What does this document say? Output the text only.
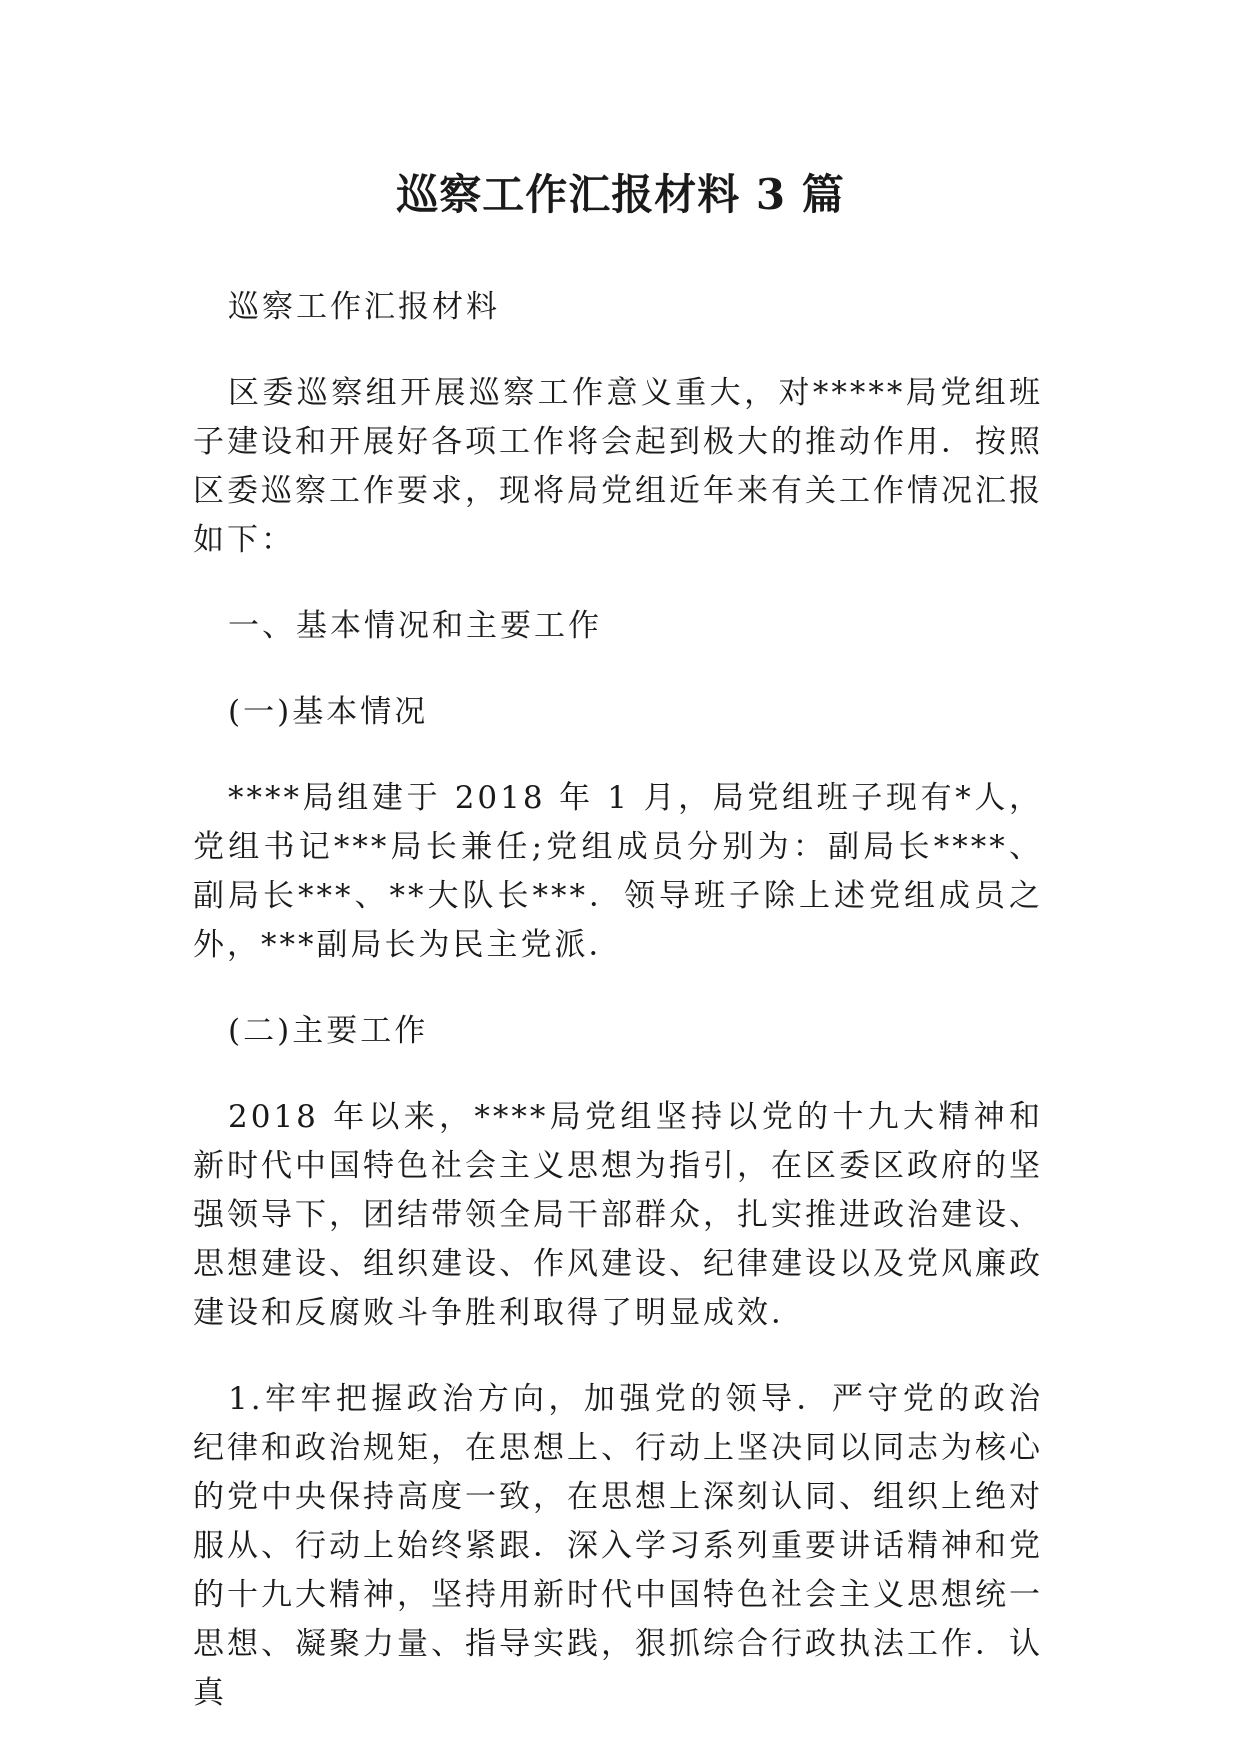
巡察工作汇报材料 3 篇

巡察工作汇报材料

区委巡察组开展巡察工作意义重大，对*****局党组班子建设和开展好各项工作将会起到极大的推动作用．按照区委巡察工作要求，现将局党组近年来有关工作情况汇报如下：

一、基本情况和主要工作

(一)基本情况

****局组建于 2018 年 1 月，局党组班子现有*人，党组书记***局长兼任;党组成员分别为：副局长****、副局长***、**大队长***．领导班子除上述党组成员之外，***副局长为民主党派．

(二)主要工作

2018 年以来，****局党组坚持以党的十九大精神和新时代中国特色社会主义思想为指引，在区委区政府的坚强领导下，团结带领全局干部群众，扎实推进政治建设、思想建设、组织建设、作风建设、纪律建设以及党风廉政建设和反腐败斗争胜利取得了明显成效．

1.牢牢把握政治方向，加强党的领导．严守党的政治纪律和政治规矩，在思想上、行动上坚决同以同志为核心的党中央保持高度一致，在思想上深刻认同、组织上绝对服从、行动上始终紧跟．深入学习系列重要讲话精神和党的十九大精神，坚持用新时代中国特色社会主义思想统一思想、凝聚力量、指导实践，狠抓综合行政执法工作．认真
